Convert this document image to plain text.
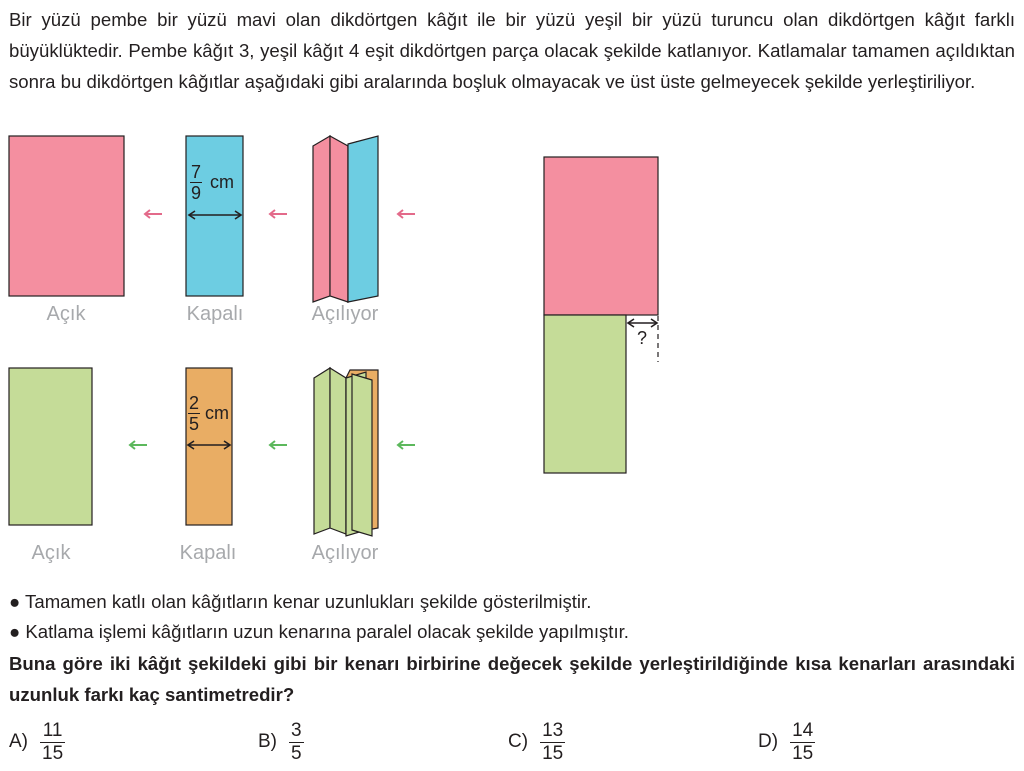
Bir yüzü pembe bir yüzü mavi olan dikdörtgen kâğıt ile bir yüzü yeşil bir yüzü turuncu olan dikdörtgen kâğıt farklı büyüklüktedir. Pembe kâğıt 3, yeşil kâğıt 4 eşit dikdörtgen parça olacak şekilde katlanıyor. Katlamalar tamamen açıldıktan sonra bu dikdörtgen kâğıtlar aşağıdaki gibi aralarında boşluk olmayacak ve üst üste gelmeyecek şekilde yerleştiriliyor.

$\frac{7}{9}$ cm
Açık	Kapalı	Açılıyor
$\frac{2}{5}$ cm
Açık	Kapalı	Açılıyor
?
● Tamamen katlı olan kâğıtların kenar uzunlukları şekilde gösterilmiştir.
● Katlama işlemi kâğıtların uzun kenarına paralel olacak şekilde yapılmıştır.

Buna göre iki kâğıt şekildeki gibi bir kenarı birbirine değecek şekilde yerleştirildiğinde kısa kenarları arasındaki uzunluk farkı kaç santimetredir?

$A) \frac{11}{15}$	$B) \frac{3}{5}$	$C) \frac{13}{15}$	$D) \frac{14}{15}$
